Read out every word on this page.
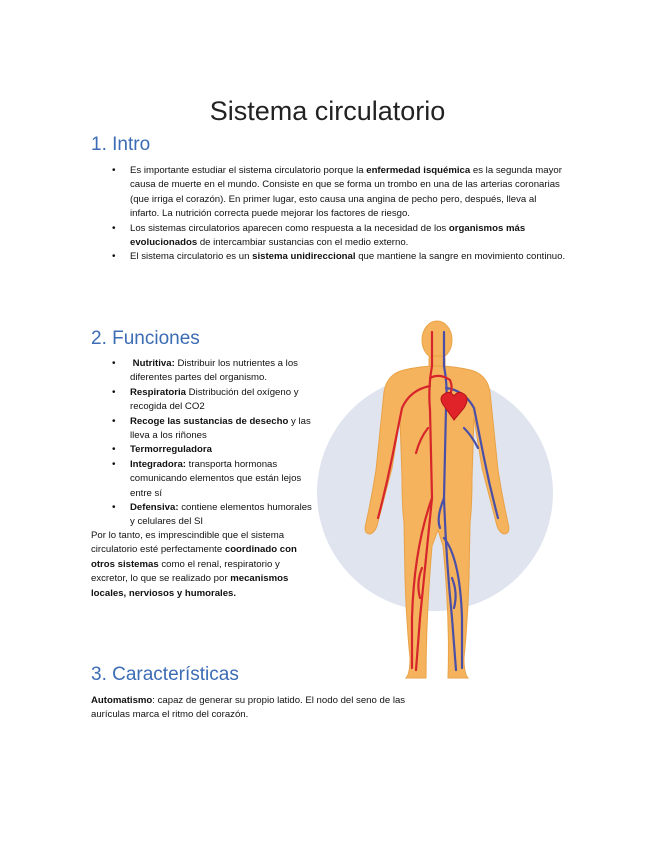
Sistema circulatorio
1. Intro
• Es importante estudiar el sistema circulatorio porque la enfermedad isquémica es la segunda mayor causa de muerte en el mundo. Consiste en que se forma un trombo en una de las arterias coronarias (que irriga el corazón). En primer lugar, esto causa una angina de pecho pero, después, lleva al infarto. La nutrición correcta puede mejorar los factores de riesgo.
• Los sistemas circulatorios aparecen como respuesta a la necesidad de los organismos más evolucionados de intercambiar sustancias con el medio externo.
• El sistema circulatorio es un sistema unidireccional que mantiene la sangre en movimiento continuo.
2. Funciones
• Nutritiva: Distribuir los nutrientes a los diferentes partes del organismo.
• Respiratoria Distribución del oxígeno y recogida del CO2
• Recoge las sustancias de desecho y las lleva a los riñones
• Termorreguladora
• Integradora: transporta hormonas comunicando elementos que están lejos entre sí
• Defensiva: contiene elementos humorales y celulares del SI

Por lo tanto, es imprescindible que el sistema circulatorio esté perfectamente coordinado con otros sistemas como el renal, respiratorio y excretor, lo que se realizado por mecanismos locales, nerviosos y humorales.

3. Características

Automatismo: capaz de generar su propio latido. El nodo del seno de las aurículas marca el ritmo del corazón.
